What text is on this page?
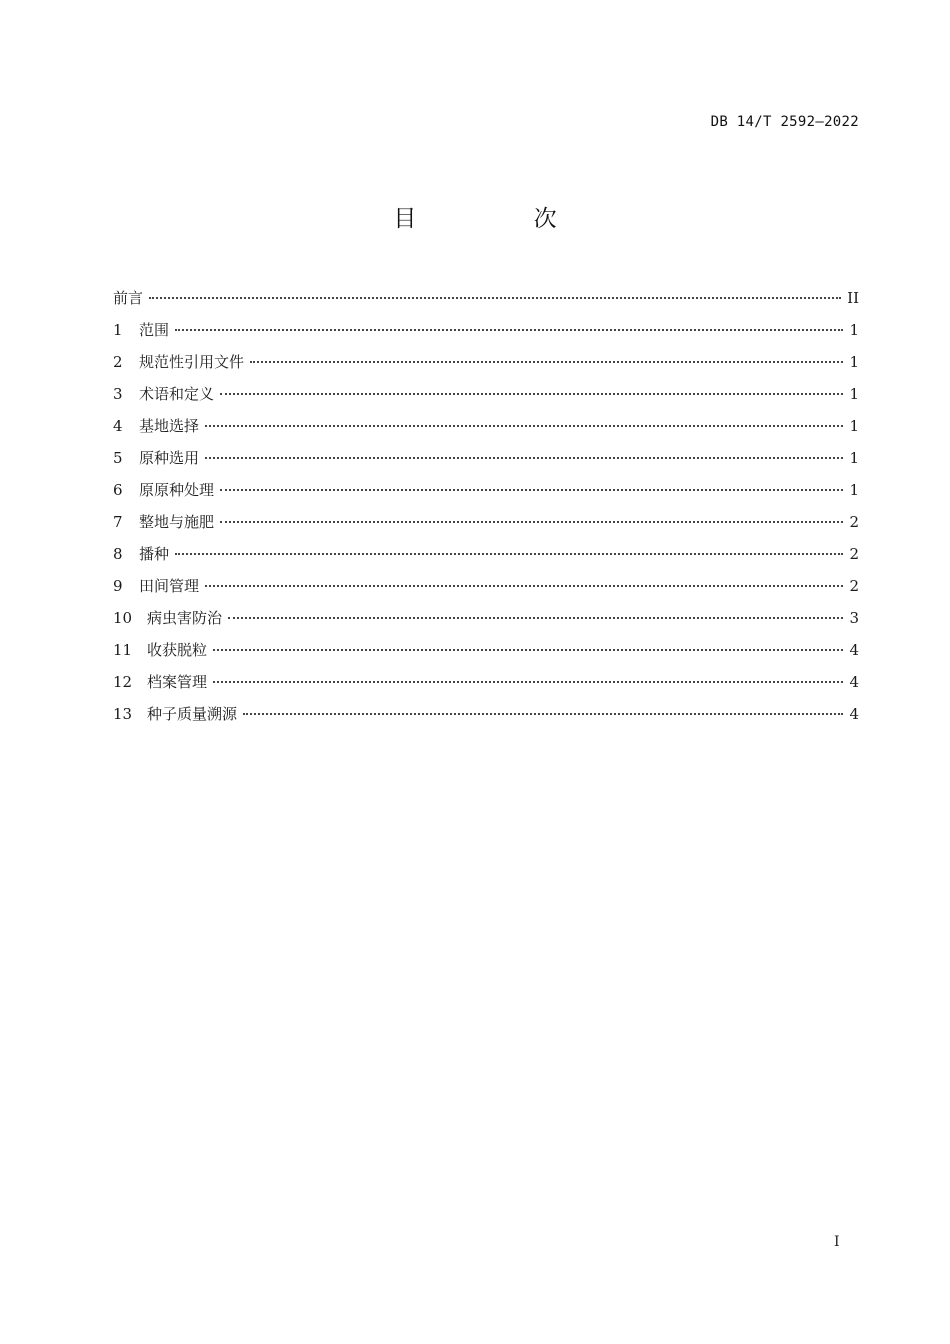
DB 14/T 2592—2022
目 次
前言	II
1	范围	1
2	规范性引用文件	1
3	术语和定义	1
4	基地选择	1
5	原种选用	1
6	原原种处理	1
7	整地与施肥	2
8	播种	2
9	田间管理	2
10 病虫害防治	3
11 收获脱粒	4
12 档案管理	4
13 种子质量溯源	4
I
